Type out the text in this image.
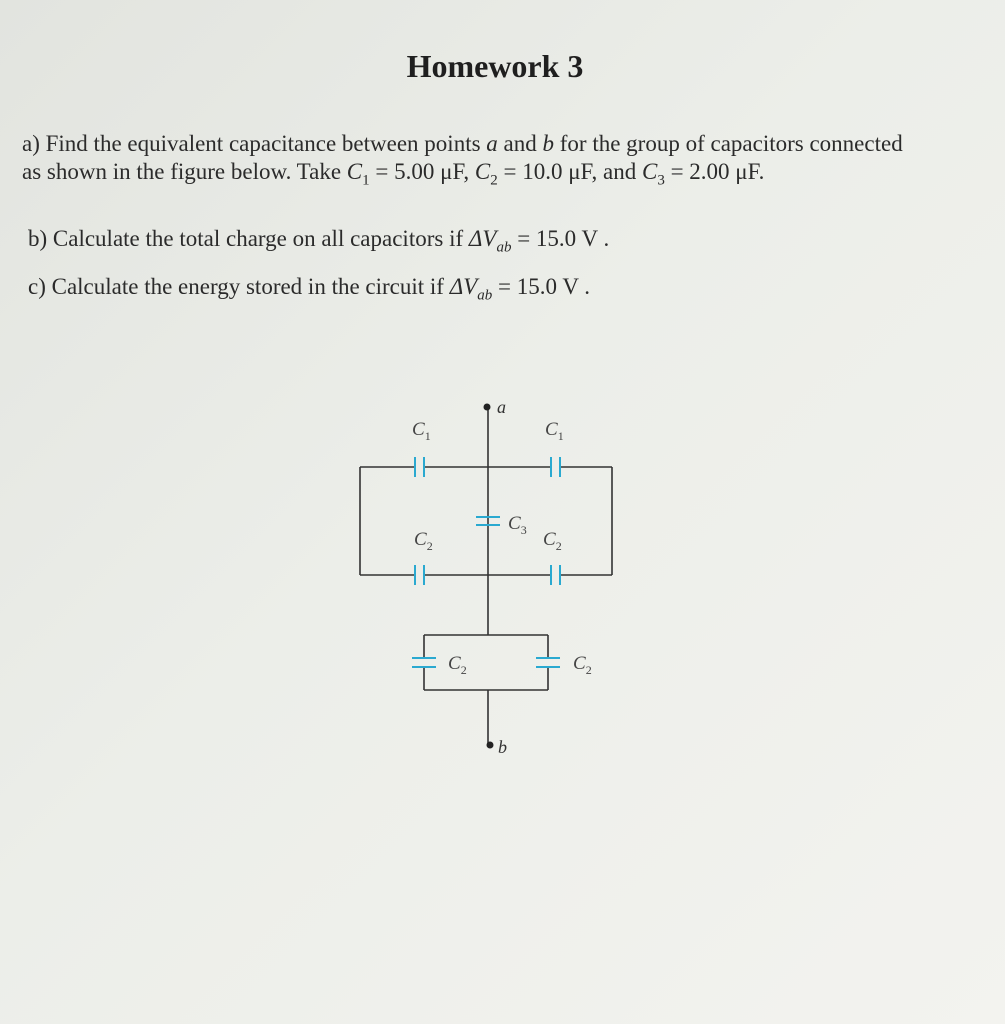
Homework 3
a) Find the equivalent capacitance between points a and b for the group of capacitors connected
as shown in the figure below. Take $C_1 = 5.00$ μF, $C_2 = 10.0$ μF, and $C_3 = 2.00$ μF.
b) Calculate the total charge on all capacitors if $\Delta V_{ab} = 15.0$ V .
c) Calculate the energy stored in the circuit if $\Delta V_{ab} = 15.0$ V .
a
b
$C_1$	$C_1$
$C_3$
$C_2$	$C_2$
$C_2$	$C_2$
